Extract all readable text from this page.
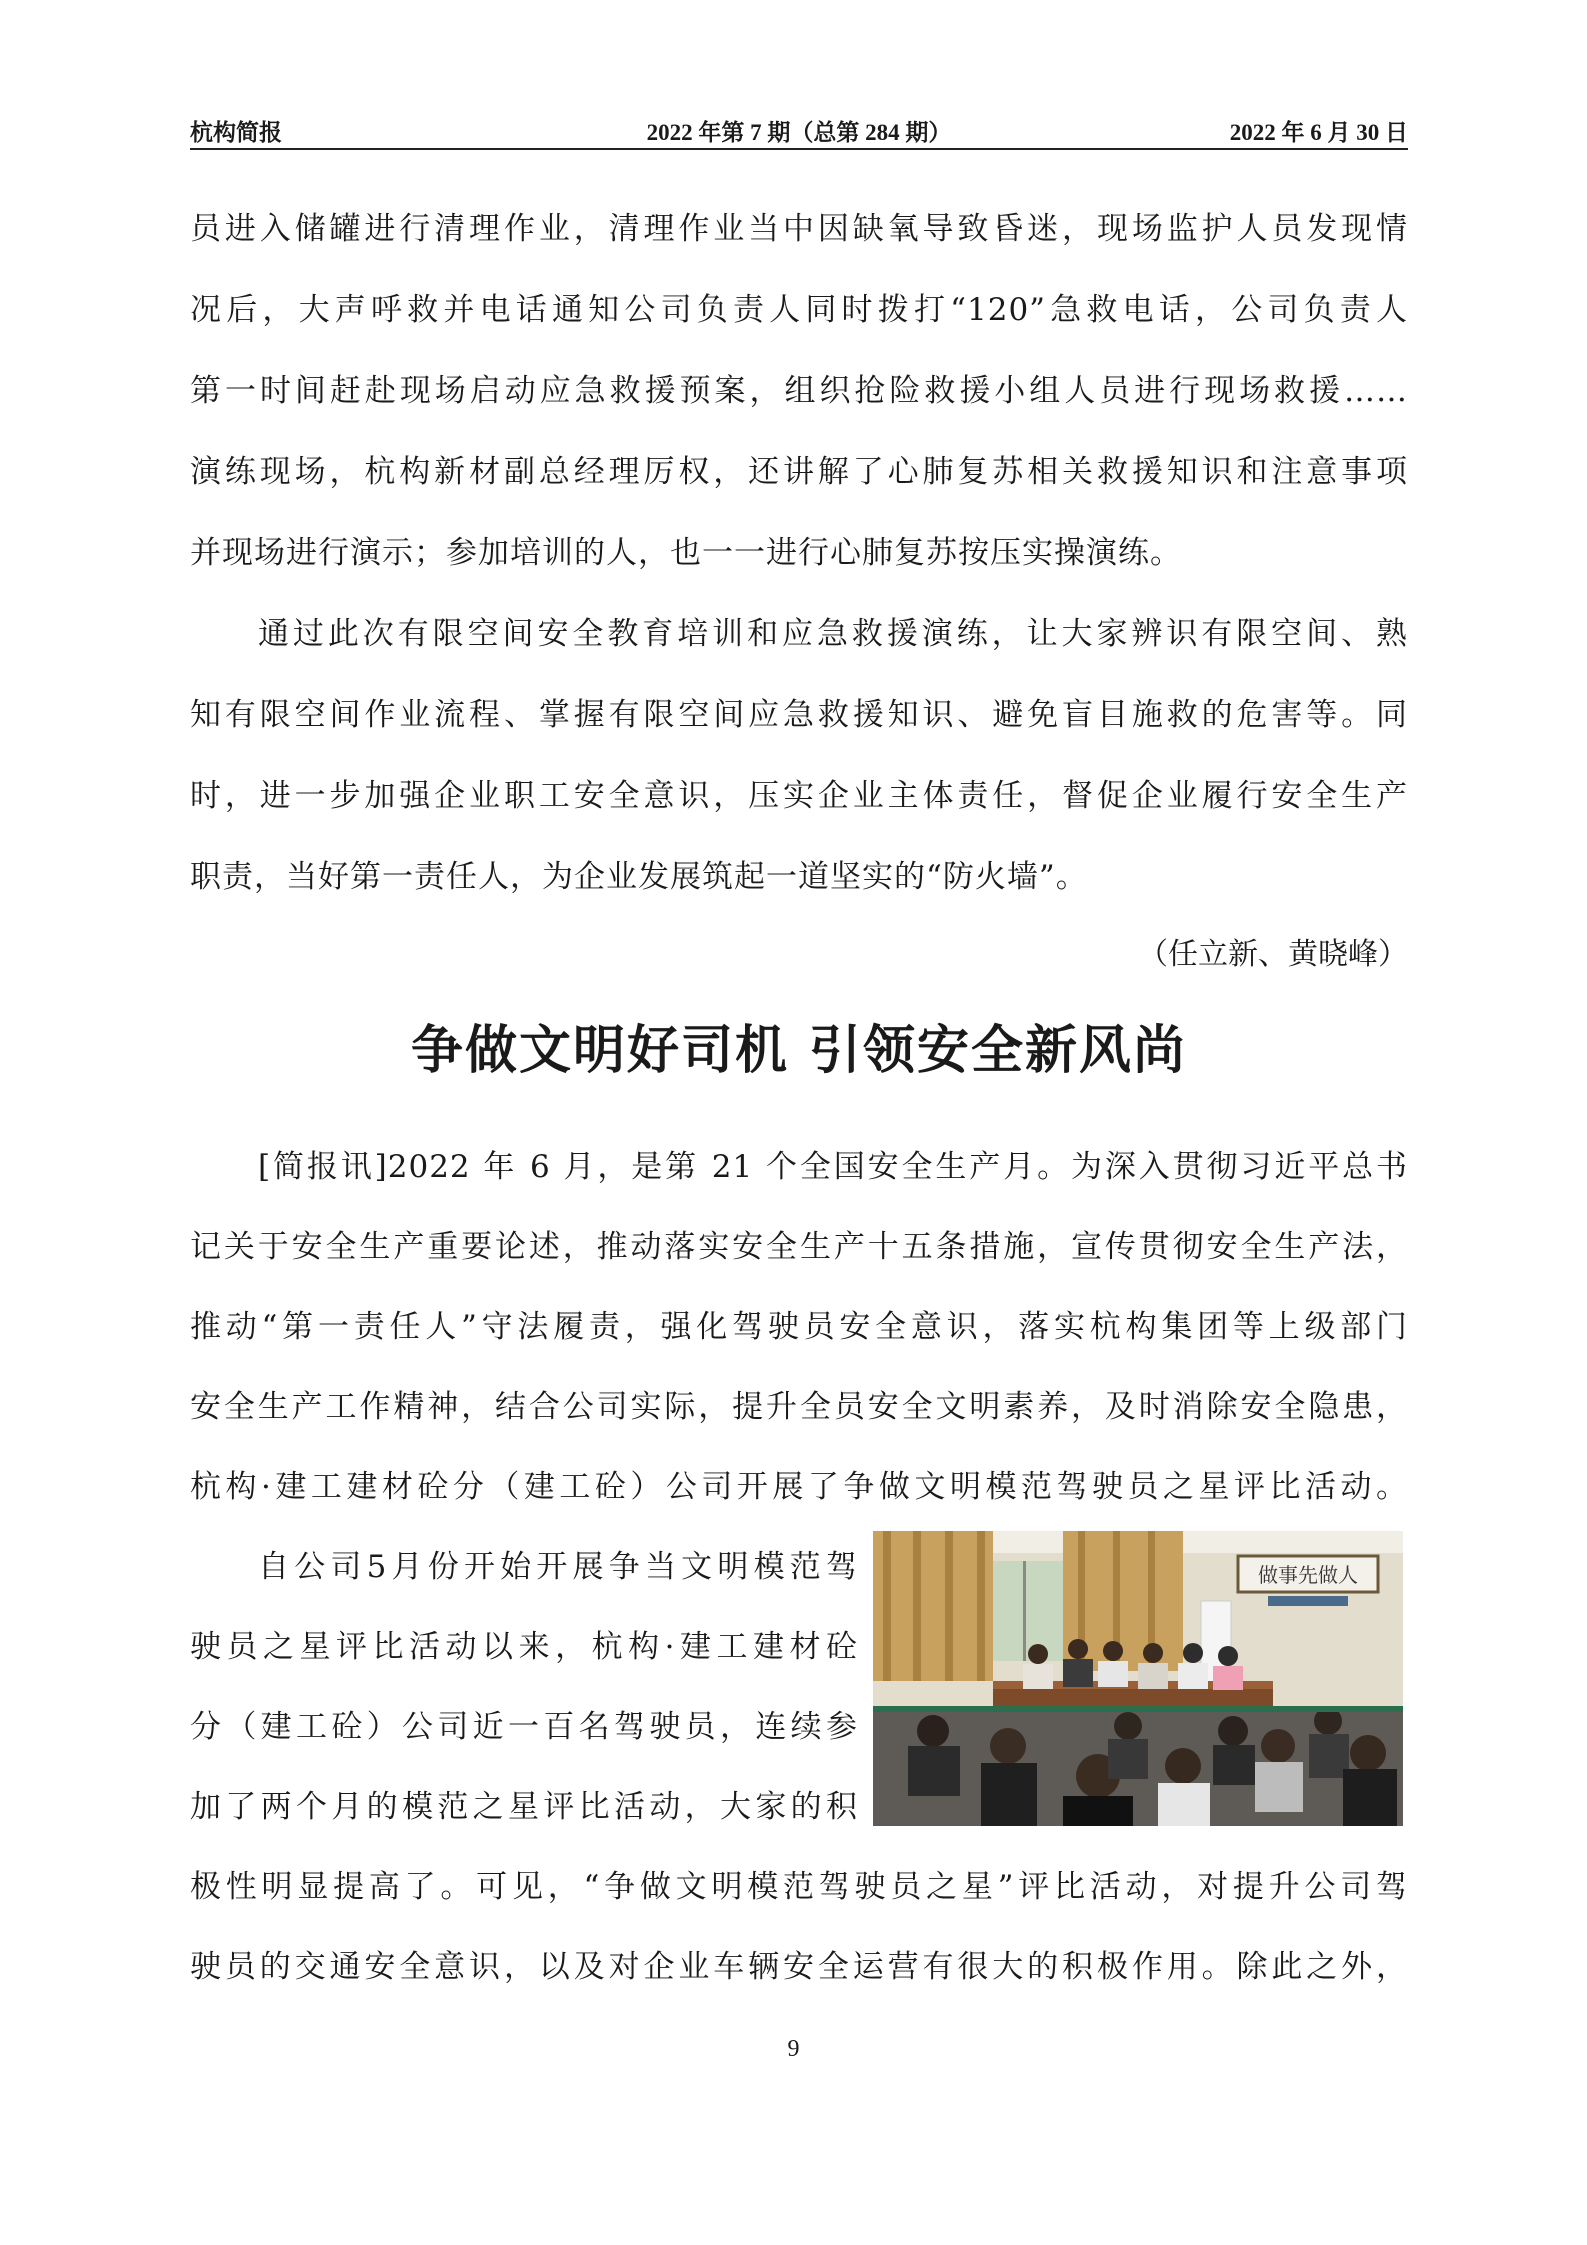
杭构简报	2022 年第 7 期（总第 284 期）	2022 年 6 月 30 日
员进入储罐进行清理作业，清理作业当中因缺氧导致昏迷，现场监护人员发现情
况后，大声呼救并电话通知公司负责人同时拨打“120”急救电话，公司负责人
第一时间赶赴现场启动应急救援预案，组织抢险救援小组人员进行现场救援……
演练现场，杭构新材副总经理厉权，还讲解了心肺复苏相关救援知识和注意事项
并现场进行演示；参加培训的人，也一一进行心肺复苏按压实操演练。
通过此次有限空间安全教育培训和应急救援演练，让大家辨识有限空间、熟
知有限空间作业流程、掌握有限空间应急救援知识、避免盲目施救的危害等。同
时，进一步加强企业职工安全意识，压实企业主体责任，督促企业履行安全生产
职责，当好第一责任人，为企业发展筑起一道坚实的“防火墙”。
（任立新、黄晓峰）
争做文明好司机 引领安全新风尚
[简报讯]2022 年 6 月，是第 21 个全国安全生产月。为深入贯彻习近平总书
记关于安全生产重要论述，推动落实安全生产十五条措施，宣传贯彻安全生产法，
推动“第一责任人”守法履责，强化驾驶员安全意识，落实杭构集团等上级部门
安全生产工作精神，结合公司实际，提升全员安全文明素养，及时消除安全隐患，
杭构·建工建材砼分（建工砼）公司开展了争做文明模范驾驶员之星评比活动。
自公司5月份开始开展争当文明模范驾
驶员之星评比活动以来，杭构·建工建材砼
分（建工砼）公司近一百名驾驶员，连续参
加了两个月的模范之星评比活动，大家的积
极性明显提高了。可见，“争做文明模范驾驶员之星”评比活动，对提升公司驾
驶员的交通安全意识，以及对企业车辆安全运营有很大的积极作用。除此之外，
做事先做人
9
